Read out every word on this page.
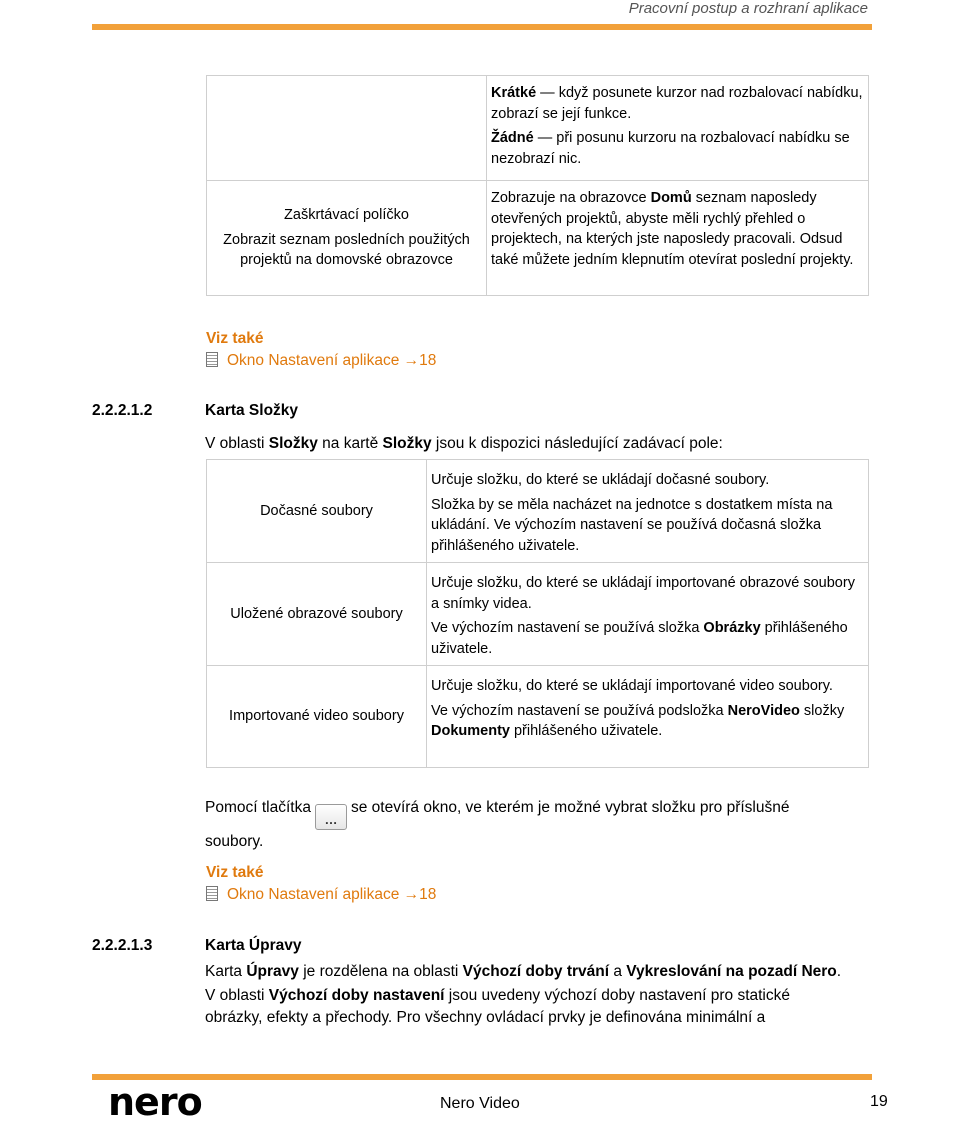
Pracovní postup a rozhraní aplikace

	Krátké — když posunete kurzor nad rozbalovací nabídku, zobrazí se její funkce.

Žádné — při posunu kurzoru na rozbalovací nabídku se nezobrazí nic.

Zaškrtávací políčko
Zobrazit seznam posledních použitých projektů na domovské obrazovce	Zobrazuje na obrazovce Domů seznam naposledy otevřených projektů, abyste měli rychlý přehled o projektech, na kterých jste naposledy pracovali. Odsud také můžete jedním klepnutím otevírat poslední projekty.

Viz také
Okno Nastavení aplikace →18
2.2.2.1.2	Karta Složky
V oblasti Složky na kartě Složky jsou k dispozici následující zadávací pole:
Dočasné soubory	Určuje složku, do které se ukládají dočasné soubory.

Složka by se měla nacházet na jednotce s dostatkem místa na ukládání. Ve výchozím nastavení se používá dočasná složka přihlášeného uživatele.

Uložené obrazové soubory	Určuje složku, do které se ukládají importované obrazové soubory a snímky videa.

Ve výchozím nastavení se používá složka Obrázky přihlášeného uživatele.

Importované video soubory	Určuje složku, do které se ukládají importované video soubory.

Ve výchozím nastavení se používá podsložka NeroVideo složky Dokumenty přihlášeného uživatele.

Pomocí tlačítka…se otevírá okno, ve kterém je možné vybrat složku pro příslušné soubory.
Viz také
Okno Nastavení aplikace →18
2.2.2.1.3	Karta Úpravy
Karta Úpravy je rozdělena na oblasti Výchozí doby trvání a Vykreslování na pozadí Nero.
V oblasti Výchozí doby nastavení jsou uvedeny výchozí doby nastavení pro statické obrázky, efekty a přechody. Pro všechny ovládací prvky je definována minimální a
nero	Nero Video	19
